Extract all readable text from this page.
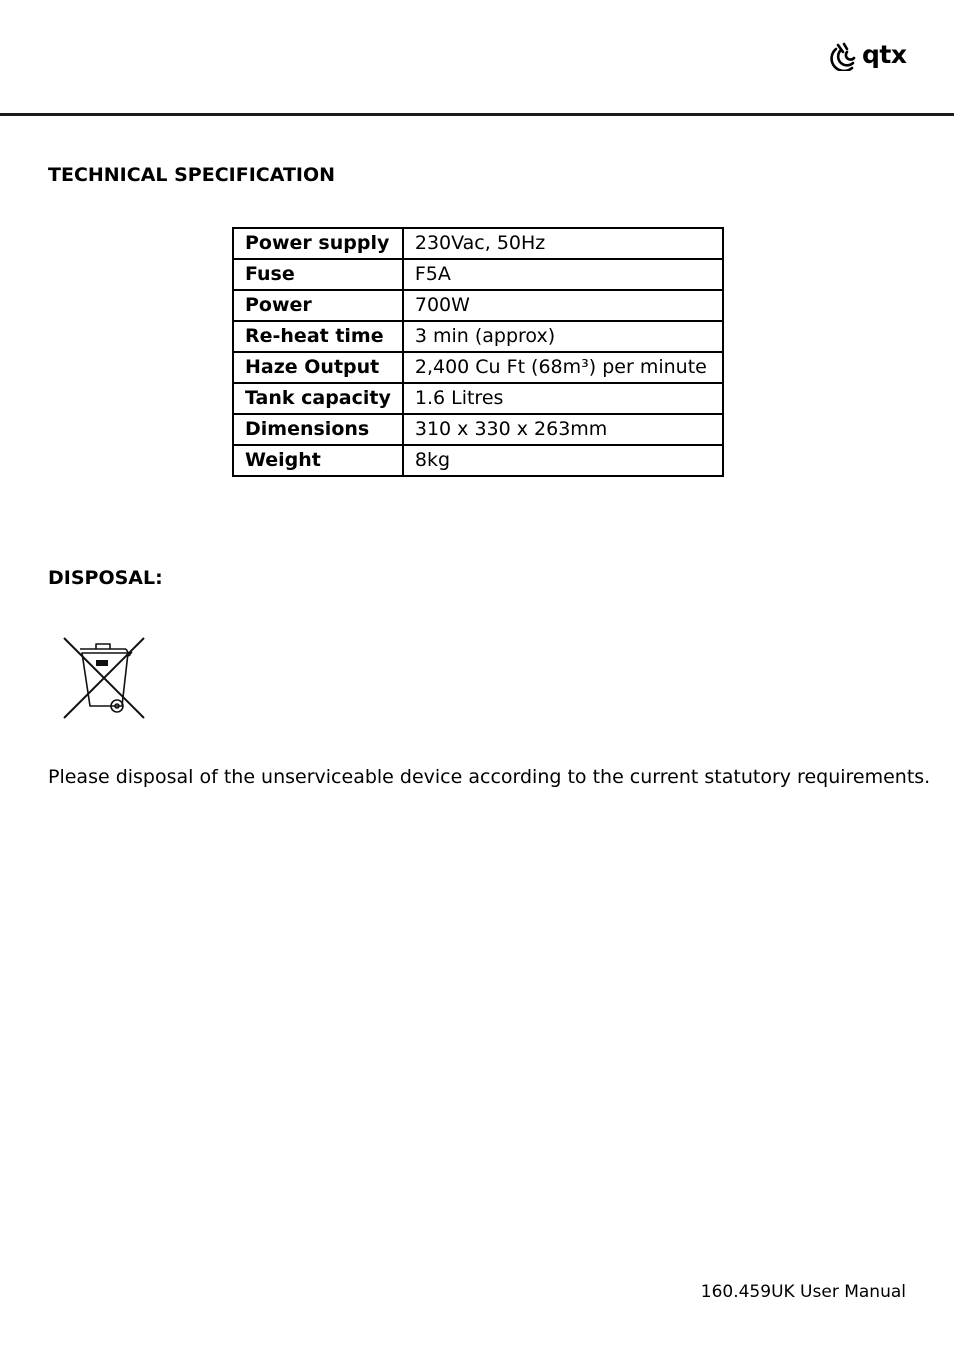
qtx
TECHNICAL SPECIFICATION
Power supply	230Vac, 50Hz
Fuse	F5A
Power	700W
Re-heat time	3 min (approx)
Haze Output	2,400 Cu Ft (68m³) per minute
Tank capacity	1.6 Litres
Dimensions	310 x 330 x 263mm
Weight	8kg
DISPOSAL:

Please disposal of the unserviceable device according to the current statutory requirements.

160.459UK User Manual
